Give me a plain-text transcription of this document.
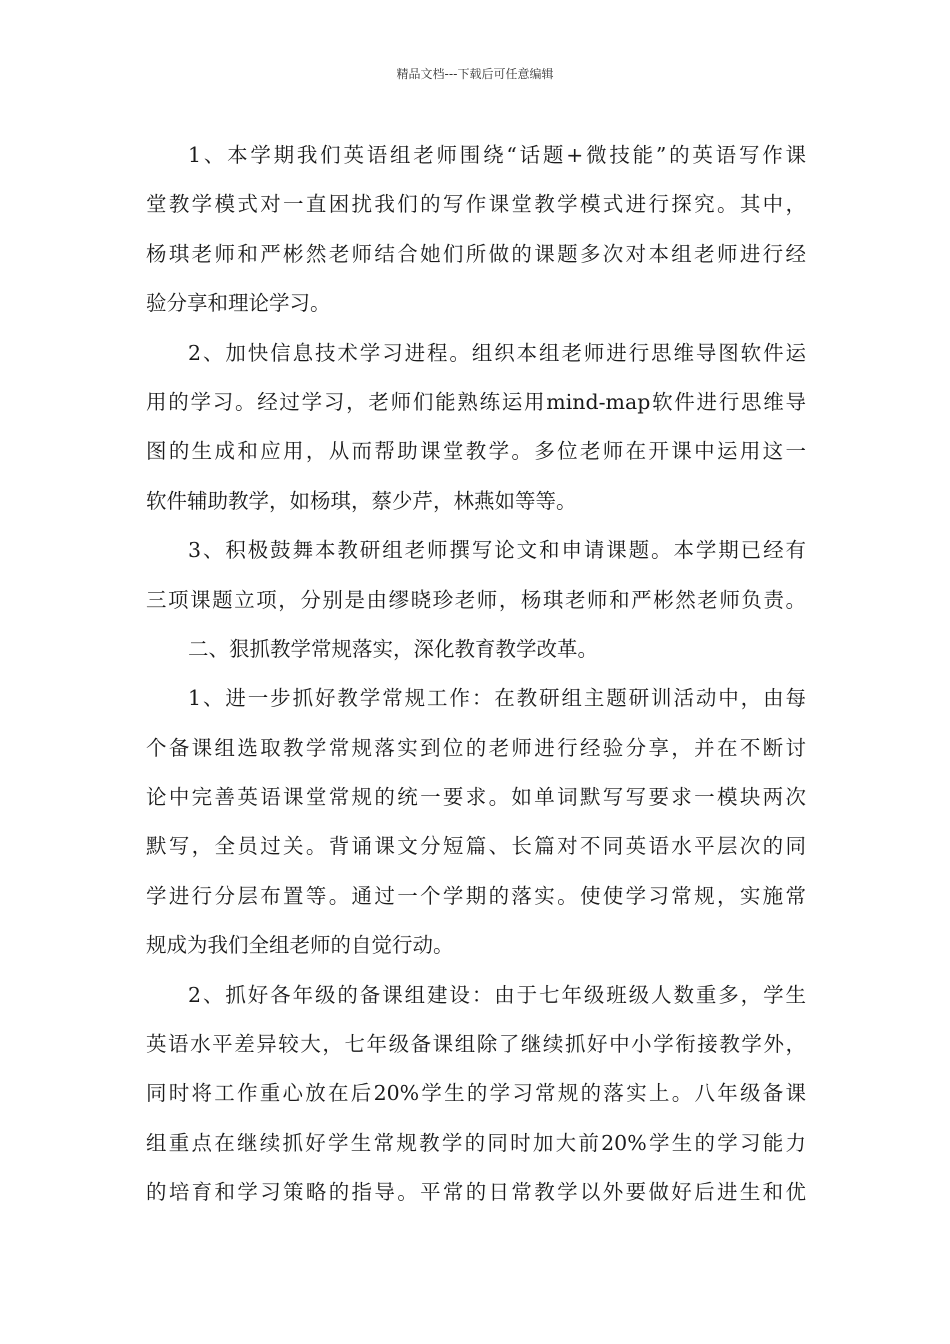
精品文档---下载后可任意编辑
1、本学期我们英语组老师围绕“话题+微技能”的英语写作课
堂教学模式对一直困扰我们的写作课堂教学模式进行探究。其中，
杨琪老师和严彬然老师结合她们所做的课题多次对本组老师进行经
验分享和理论学习。
2、加快信息技术学习进程。组织本组老师进行思维导图软件运
用的学习。经过学习，老师们能熟练运用mind-map软件进行思维导
图的生成和应用，从而帮助课堂教学。多位老师在开课中运用这一
软件辅助教学，如杨琪，蔡少芹，林燕如等等。
3、积极鼓舞本教研组老师撰写论文和申请课题。本学期已经有
三项课题立项，分别是由缪晓珍老师，杨琪老师和严彬然老师负责。
二、狠抓教学常规落实，深化教育教学改革。
1、进一步抓好教学常规工作：在教研组主题研训活动中，由每
个备课组选取教学常规落实到位的老师进行经验分享，并在不断讨
论中完善英语课堂常规的统一要求。如单词默写写要求一模块两次
默写，全员过关。背诵课文分短篇、长篇对不同英语水平层次的同
学进行分层布置等。通过一个学期的落实。使使学习常规，实施常
规成为我们全组老师的自觉行动。
2、抓好各年级的备课组建设：由于七年级班级人数重多，学生
英语水平差异较大，七年级备课组除了继续抓好中小学衔接教学外，
同时将工作重心放在后20%学生的学习常规的落实上。八年级备课
组重点在继续抓好学生常规教学的同时加大前20%学生的学习能力
的培育和学习策略的指导。平常的日常教学以外要做好后进生和优
